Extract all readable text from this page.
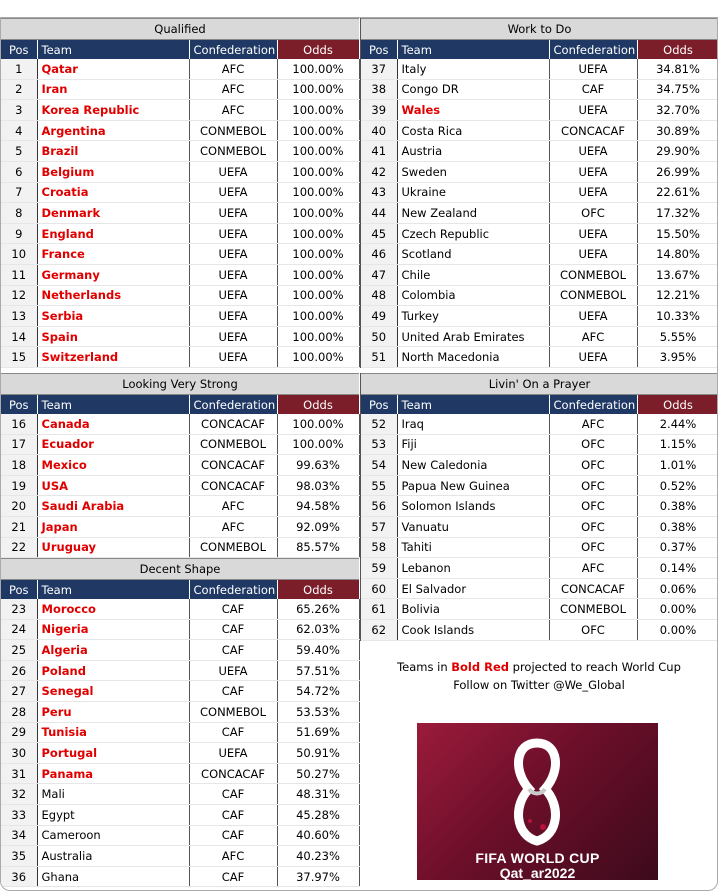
Qualified
Pos	Team	Confederation	Odds
1	Qatar	AFC	100.00%
2	Iran	AFC	100.00%
3	Korea Republic	AFC	100.00%
4	Argentina	CONMEBOL	100.00%
5	Brazil	CONMEBOL	100.00%
6	Belgium	UEFA	100.00%
7	Croatia	UEFA	100.00%
8	Denmark	UEFA	100.00%
9	England	UEFA	100.00%
10	France	UEFA	100.00%
11	Germany	UEFA	100.00%
12	Netherlands	UEFA	100.00%
13	Serbia	UEFA	100.00%
14	Spain	UEFA	100.00%
15	Switzerland	UEFA	100.00%
Looking Very Strong
Pos	Team	Confederation	Odds
16	Canada	CONCACAF	100.00%
17	Ecuador	CONMEBOL	100.00%
18	Mexico	CONCACAF	99.63%
19	USA	CONCACAF	98.03%
20	Saudi Arabia	AFC	94.58%
21	Japan	AFC	92.09%
22	Uruguay	CONMEBOL	85.57%
Decent Shape
Pos	Team	Confederation	Odds
23	Morocco	CAF	65.26%
24	Nigeria	CAF	62.03%
25	Algeria	CAF	59.40%
26	Poland	UEFA	57.51%
27	Senegal	CAF	54.72%
28	Peru	CONMEBOL	53.53%
29	Tunisia	CAF	51.69%
30	Portugal	UEFA	50.91%
31	Panama	CONCACAF	50.27%
32	Mali	CAF	48.31%
33	Egypt	CAF	45.28%
34	Cameroon	CAF	40.60%
35	Australia	AFC	40.23%
36	Ghana	CAF	37.97%
Work to Do
Pos	Team	Confederation	Odds
37	Italy	UEFA	34.81%
38	Congo DR	CAF	34.75%
39	Wales	UEFA	32.70%
40	Costa Rica	CONCACAF	30.89%
41	Austria	UEFA	29.90%
42	Sweden	UEFA	26.99%
43	Ukraine	UEFA	22.61%
44	New Zealand	OFC	17.32%
45	Czech Republic	UEFA	15.50%
46	Scotland	UEFA	14.80%
47	Chile	CONMEBOL	13.67%
48	Colombia	CONMEBOL	12.21%
49	Turkey	UEFA	10.33%
50	United Arab Emirates	AFC	5.55%
51	North Macedonia	UEFA	3.95%
Livin' On a Prayer
Pos	Team	Confederation	Odds
52	Iraq	AFC	2.44%
53	Fiji	OFC	1.15%
54	New Caledonia	OFC	1.01%
55	Papua New Guinea	OFC	0.52%
56	Solomon Islands	OFC	0.38%
57	Vanuatu	OFC	0.38%
58	Tahiti	OFC	0.37%
59	Lebanon	AFC	0.14%
60	El Salvador	CONCACAF	0.06%
61	Bolivia	CONMEBOL	0.00%
62	Cook Islands	OFC	0.00%
Teams in Bold Red projected to reach World Cup
Follow on Twitter @We_Global
FIFA WORLD CUP
Qat_ar2022
